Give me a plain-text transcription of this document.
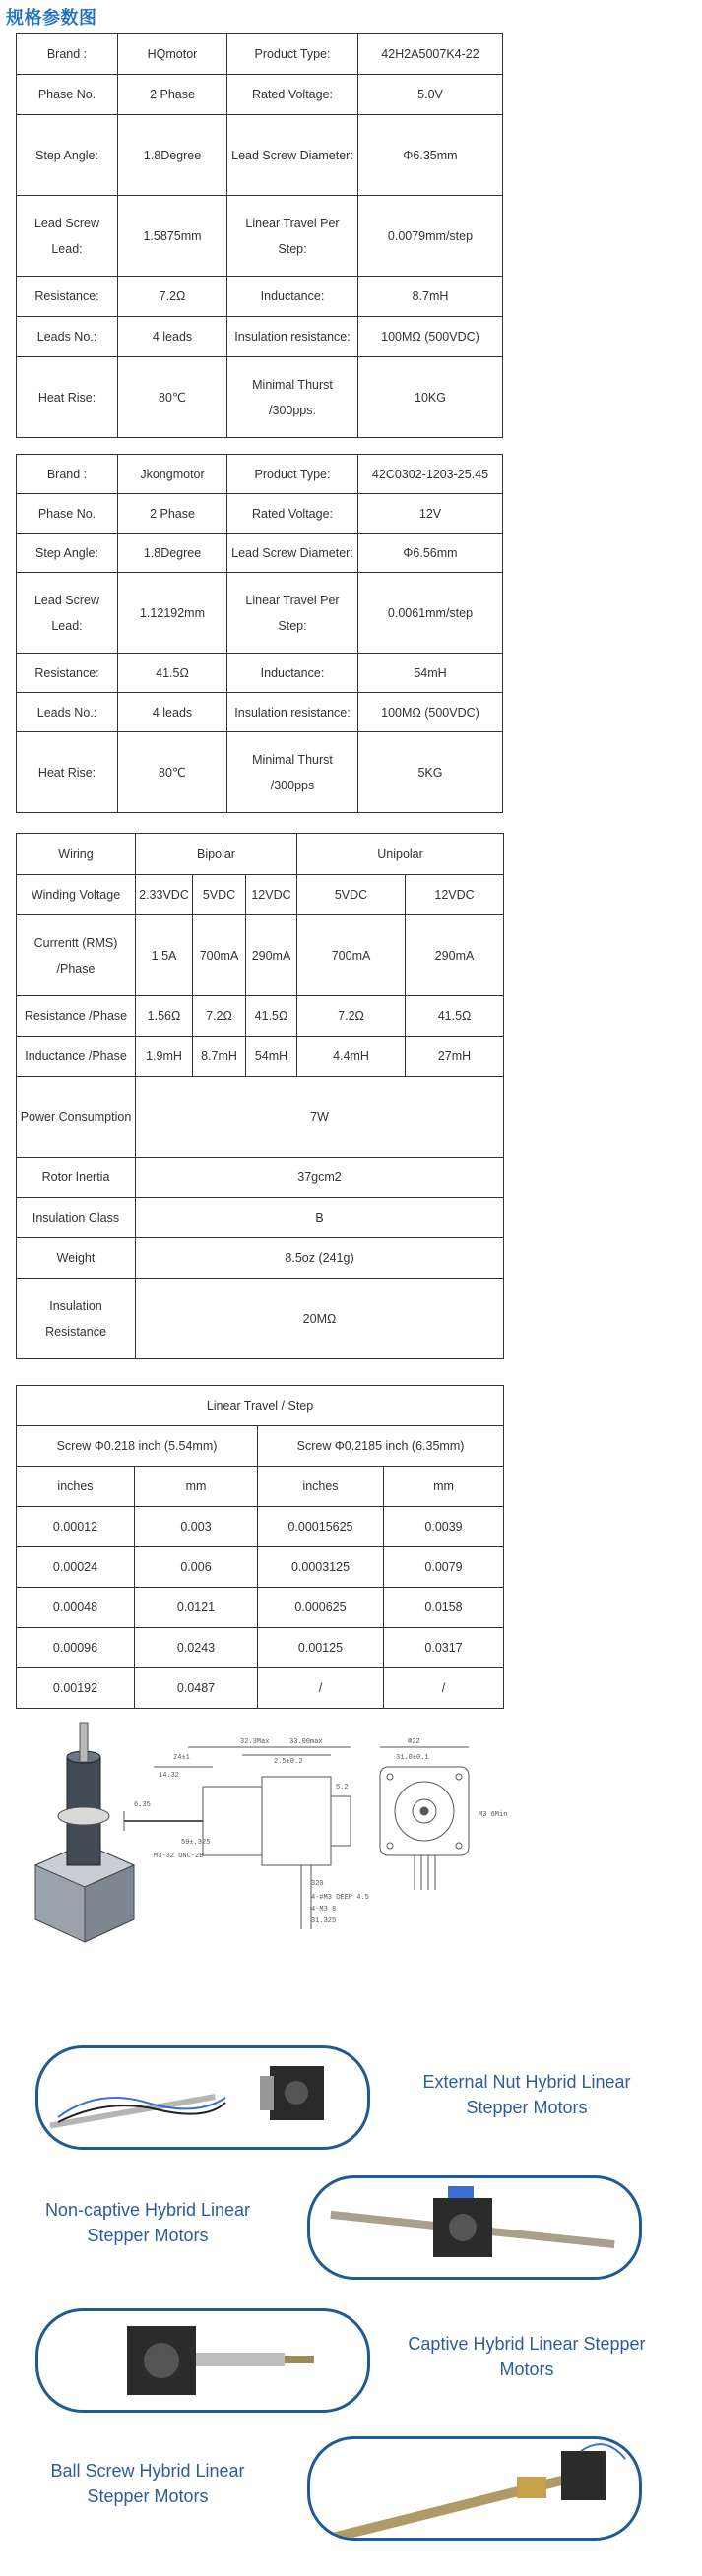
规格参数图
Brand :	HQmotor	Product Type:	42H2A5007K4-22
Phase No.	2 Phase	Rated Voltage:	5.0V
Step Angle:	1.8Degree	Lead Screw Diameter:	Φ6.35mm
Lead Screw Lead:	1.5875mm	Linear Travel Per Step:	0.0079mm/step
Resistance:	7.2Ω	Inductance:	8.7mH
Leads No.:	4 leads	Insulation resistance:	100MΩ (500VDC)
Heat Rise:	80℃	Minimal Thurst /300pps:	10KG
Brand :	Jkongmotor	Product Type:	42C0302-1203-25.45
Phase No.	2 Phase	Rated Voltage:	12V
Step Angle:	1.8Degree	Lead Screw Diameter:	Φ6.56mm
Lead Screw Lead:	1.12192mm	Linear Travel Per Step:	0.0061mm/step
Resistance:	41.5Ω	Inductance:	54mH
Leads No.:	4 leads	Insulation resistance:	100MΩ (500VDC)
Heat Rise:	80℃	Minimal Thurst /300pps	5KG
Wiring	Bipolar			Unipolar	
Winding Voltage	2.33VDC	5VDC	12VDC	5VDC	12VDC
Currentt (RMS) /Phase	1.5A	700mA	290mA	700mA	290mA
Resistance /Phase	1.56Ω	7.2Ω	41.5Ω	7.2Ω	41.5Ω
Inductance /Phase	1.9mH	8.7mH	54mH	4.4mH	27mH
Power Consumption	7W				
Rotor Inertia	37gcm2				
Insulation Class	B				
Weight	8.5oz (241g)				
Insulation Resistance	20MΩ				
Linear Travel / Step			
Screw Φ0.218 inch (5.54mm)		Screw Φ0.2185 inch (6.35mm)	
inches	mm	inches	mm
0.00012	0.003	0.00015625	0.0039
0.00024	0.006	0.0003125	0.0079
0.00048	0.0121	0.000625	0.0158
0.00096	0.0243	0.00125	0.0317
0.00192	0.0487	/	/
32.3Max	33.00max
2.5±0.2
24±1
14.32
6.35
5.2
59±.325
M3-32 UNC-2B
4-#M3 DEEP 4.5
31.0±0.1
320
4-M3 8
31.325
Φ22
M3 6Min
External Nut Hybrid Linear Stepper Motors
Non-captive Hybrid Linear Stepper Motors
Captive Hybrid Linear Stepper Motors
Ball Screw Hybrid Linear Stepper Motors
